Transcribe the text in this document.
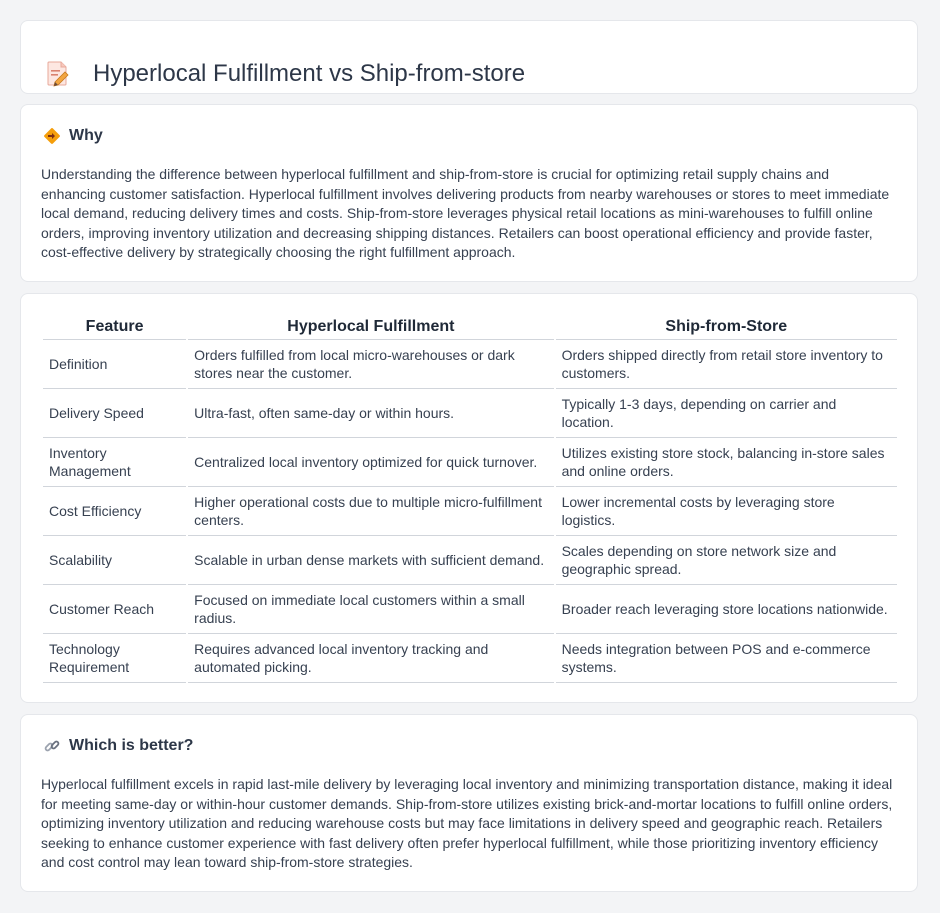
Hyperlocal Fulfillment vs Ship-from-store
Why

Understanding the difference between hyperlocal fulfillment and ship-from-store is crucial for optimizing retail supply chains and enhancing customer satisfaction. Hyperlocal fulfillment involves delivering products from nearby warehouses or stores to meet immediate local demand, reducing delivery times and costs. Ship-from-store leverages physical retail locations as mini-warehouses to fulfill online orders, improving inventory utilization and decreasing shipping distances. Retailers can boost operational efficiency and provide faster, cost-effective delivery by strategically choosing the right fulfillment approach.

Feature	Hyperlocal Fulfillment	Ship-from-Store
Definition	Orders fulfilled from local micro-warehouses or dark stores near the customer.	Orders shipped directly from retail store inventory to customers.
Delivery Speed	Ultra-fast, often same-day or within hours.	Typically 1-3 days, depending on carrier and location.
Inventory Management	Centralized local inventory optimized for quick turnover.	Utilizes existing store stock, balancing in-store sales and online orders.
Cost Efficiency	Higher operational costs due to multiple micro-fulfillment centers.	Lower incremental costs by leveraging store logistics.
Scalability	Scalable in urban dense markets with sufficient demand.	Scales depending on store network size and geographic spread.
Customer Reach	Focused on immediate local customers within a small radius.	Broader reach leveraging store locations nationwide.
Technology Requirement	Requires advanced local inventory tracking and automated picking.	Needs integration between POS and e-commerce systems.
Which is better?

Hyperlocal fulfillment excels in rapid last-mile delivery by leveraging local inventory and minimizing transportation distance, making it ideal for meeting same-day or within-hour customer demands. Ship-from-store utilizes existing brick-and-mortar locations to fulfill online orders, optimizing inventory utilization and reducing warehouse costs but may face limitations in delivery speed and geographic reach. Retailers seeking to enhance customer experience with fast delivery often prefer hyperlocal fulfillment, while those prioritizing inventory efficiency and cost control may lean toward ship-from-store strategies.
